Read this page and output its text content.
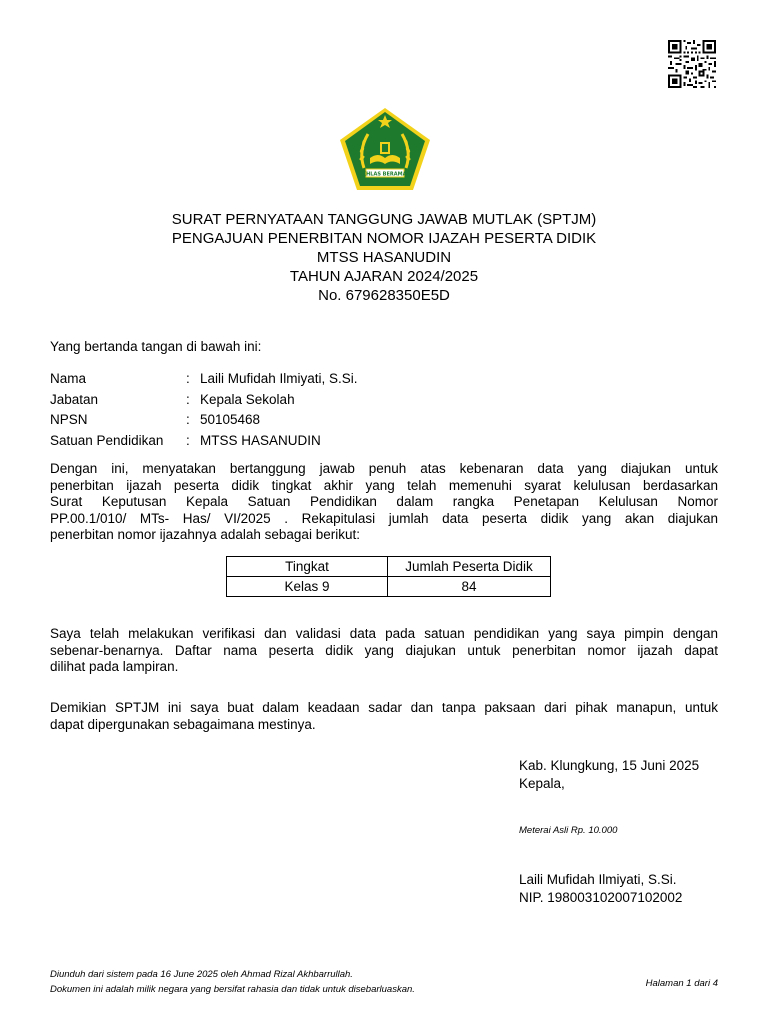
IKHLAS BERAMAL
SURAT PERNYATAAN TANGGUNG JAWAB MUTLAK (SPTJM)
PENGAJUAN PENERBITAN NOMOR IJAZAH PESERTA DIDIK
MTSS HASANUDIN
TAHUN AJARAN 2024/2025
No. 679628350E5D
Yang bertanda tangan di bawah ini:
Nama	: Laili Mufidah Ilmiyati, S.Si.
Jabatan	: Kepala Sekolah
NPSN	: 50105468
Satuan Pendidikan : MTSS HASANUDIN
Dengan ini, menyatakan bertanggung jawab penuh atas kebenaran data yang diajukan untuk
penerbitan ijazah peserta didik tingkat akhir yang telah memenuhi syarat kelulusan berdasarkan
Surat Keputusan Kepala Satuan Pendidikan dalam rangka Penetapan Kelulusan Nomor
PP.00.1/010/ MTs- Has/ VI/2025 . Rekapitulasi jumlah data peserta didik yang akan diajukan
penerbitan nomor ijazahnya adalah sebagai berikut:
Tingkat	Jumlah Peserta Didik
Kelas 9	84
Saya telah melakukan verifikasi dan validasi data pada satuan pendidikan yang saya pimpin dengan
sebenar-benarnya. Daftar nama peserta didik yang diajukan untuk penerbitan nomor ijazah dapat
dilihat pada lampiran.
Demikian SPTJM ini saya buat dalam keadaan sadar dan tanpa paksaan dari pihak manapun, untuk
dapat dipergunakan sebagaimana mestinya.
Kab. Klungkung, 15 Juni 2025
Kepala,
Meterai Asli Rp. 10.000
Laili Mufidah Ilmiyati, S.Si.
NIP. 198003102007102002
Diunduh dari sistem pada 16 June 2025 oleh Ahmad Rizal Akhbarrullah.
Dokumen ini adalah milik negara yang bersifat rahasia dan tidak untuk disebarluaskan.
Halaman 1 dari 4
